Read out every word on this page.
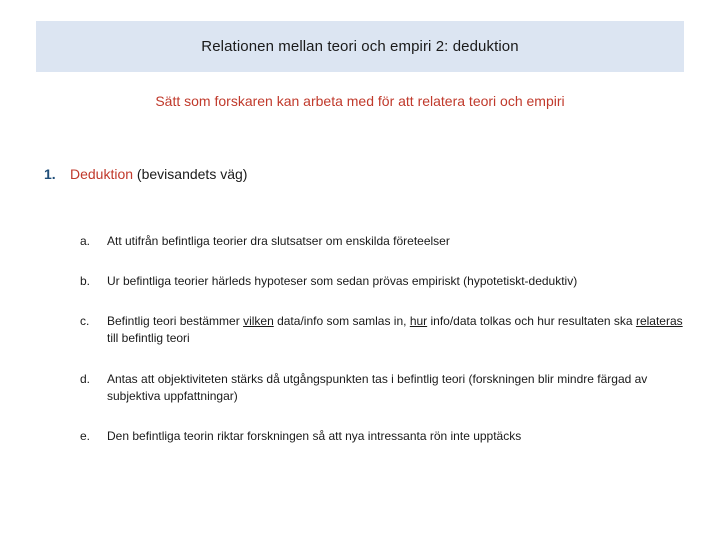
Relationen mellan teori och empiri 2: deduktion
Sätt som forskaren kan arbeta med för att relatera teori och empiri
1. Deduktion (bevisandets väg)
a.	Att utifrån befintliga teorier dra slutsatser om enskilda företeelser
b.	Ur befintliga teorier härleds hypoteser som sedan prövas empiriskt (hypotetiskt-deduktiv)
c.	Befintlig teori bestämmer vilken data/info som samlas in, hur info/data tolkas och hur resultaten ska relateras till befintlig teori
d.	Antas att objektiviteten stärks då utgångspunkten tas i befintlig teori (forskningen blir mindre färgad av subjektiva uppfattningar)
e.	Den befintliga teorin riktar forskningen så att nya intressanta rön inte upptäcks
